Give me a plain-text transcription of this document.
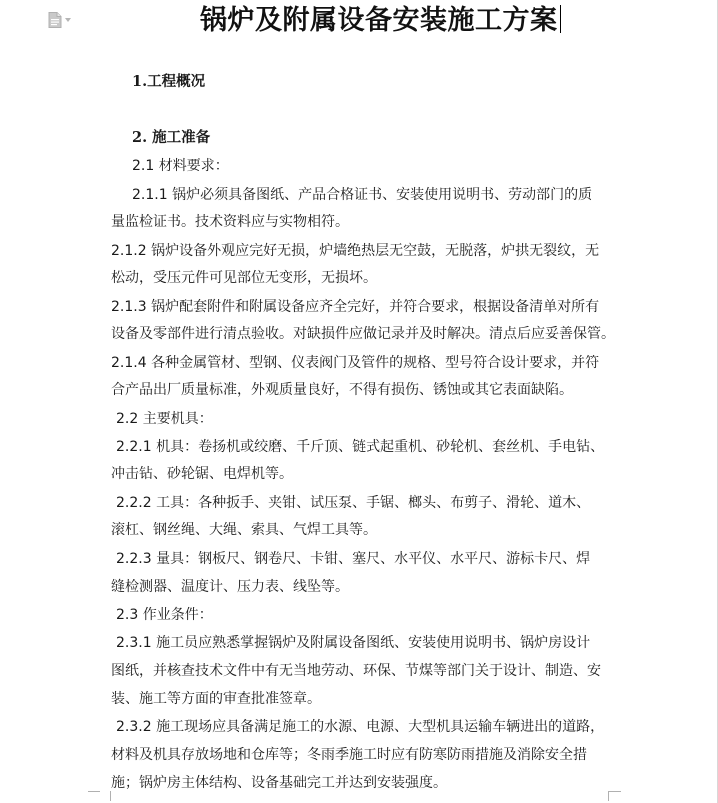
锅炉及附属设备安装施工方案
1.工程概况
2. 施工准备
2.1 材料要求：
2.1.1 锅炉必须具备图纸、产品合格证书、安装使用说明书、劳动部门的质
量监检证书。技术资料应与实物相符。
2.1.2 锅炉设备外观应完好无损，炉墙绝热层无空鼓，无脱落，炉拱无裂纹，无
松动，受压元件可见部位无变形，无损坏。
2.1.3 锅炉配套附件和附属设备应齐全完好，并符合要求，根据设备清单对所有
设备及零部件进行清点验收。对缺损件应做记录并及时解决。清点后应妥善保管。
2.1.4 各种金属管材、型钢、仪表阀门及管件的规格、型号符合设计要求，并符
合产品出厂质量标准，外观质量良好，不得有损伤、锈蚀或其它表面缺陷。
2.2 主要机具：
2.2.1 机具：卷扬机或绞磨、千斤顶、链式起重机、砂轮机、套丝机、手电钻、
冲击钻、砂轮锯、电焊机等。
2.2.2 工具：各种扳手、夹钳、试压泵、手锯、榔头、布剪子、滑轮、道木、
滚杠、钢丝绳、大绳、索具、气焊工具等。
2.2.3 量具：钢板尺、钢卷尺、卡钳、塞尺、水平仪、水平尺、游标卡尺、焊
缝检测器、温度计、压力表、线坠等。
2.3 作业条件：
2.3.1 施工员应熟悉掌握锅炉及附属设备图纸、安装使用说明书、锅炉房设计
图纸，并核查技术文件中有无当地劳动、环保、节煤等部门关于设计、制造、安
装、施工等方面的审查批准签章。
2.3.2 施工现场应具备满足施工的水源、电源、大型机具运输车辆进出的道路，
材料及机具存放场地和仓库等；冬雨季施工时应有防寒防雨措施及消除安全措
施；锅炉房主体结构、设备基础完工并达到安装强度。
